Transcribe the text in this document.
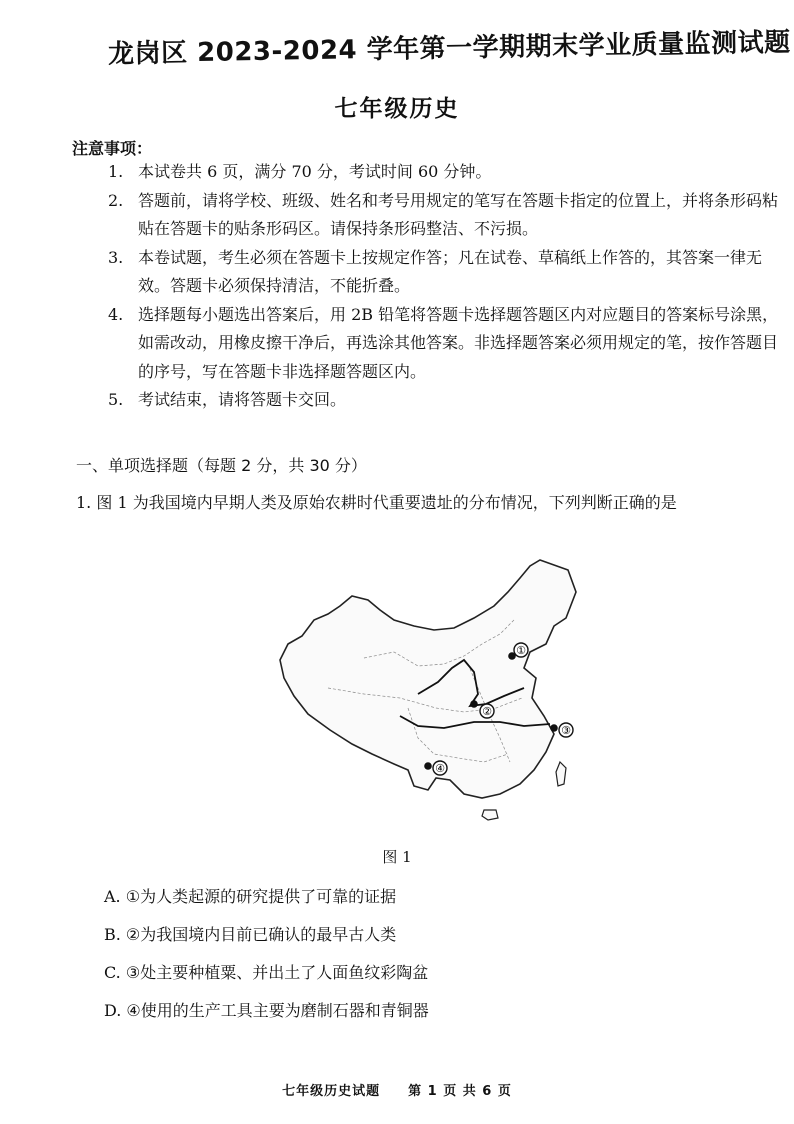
龙岗区 2023-2024 学年第一学期期末学业质量监测试题
七年级历史
注意事项：
1. 本试卷共 6 页，满分 70 分，考试时间 60 分钟。
2. 答题前，请将学校、班级、姓名和考号用规定的笔写在答题卡指定的位置上，并将条形码粘贴在答题卡的贴条形码区。请保持条形码整洁、不污损。
3. 本卷试题，考生必须在答题卡上按规定作答；凡在试卷、草稿纸上作答的，其答案一律无效。答题卡必须保持清洁，不能折叠。
4. 选择题每小题选出答案后，用 2B 铅笔将答题卡选择题答题区内对应题目的答案标号涂黑，如需改动，用橡皮擦干净后，再选涂其他答案。非选择题答案必须用规定的笔，按作答题目的序号，写在答题卡非选择题答题区内。
5. 考试结束，请将答题卡交回。
一、单项选择题（每题 2 分，共 30 分）
1. 图 1 为我国境内早期人类及原始农耕时代重要遗址的分布情况，下列判断正确的是
①
②
③
④
图 1
A. ①为人类起源的研究提供了可靠的证据
B. ②为我国境内目前已确认的最早古人类
C. ③处主要种植粟、并出土了人面鱼纹彩陶盆
D. ④使用的生产工具主要为磨制石器和青铜器
七年级历史试题　　第 1 页 共 6 页
